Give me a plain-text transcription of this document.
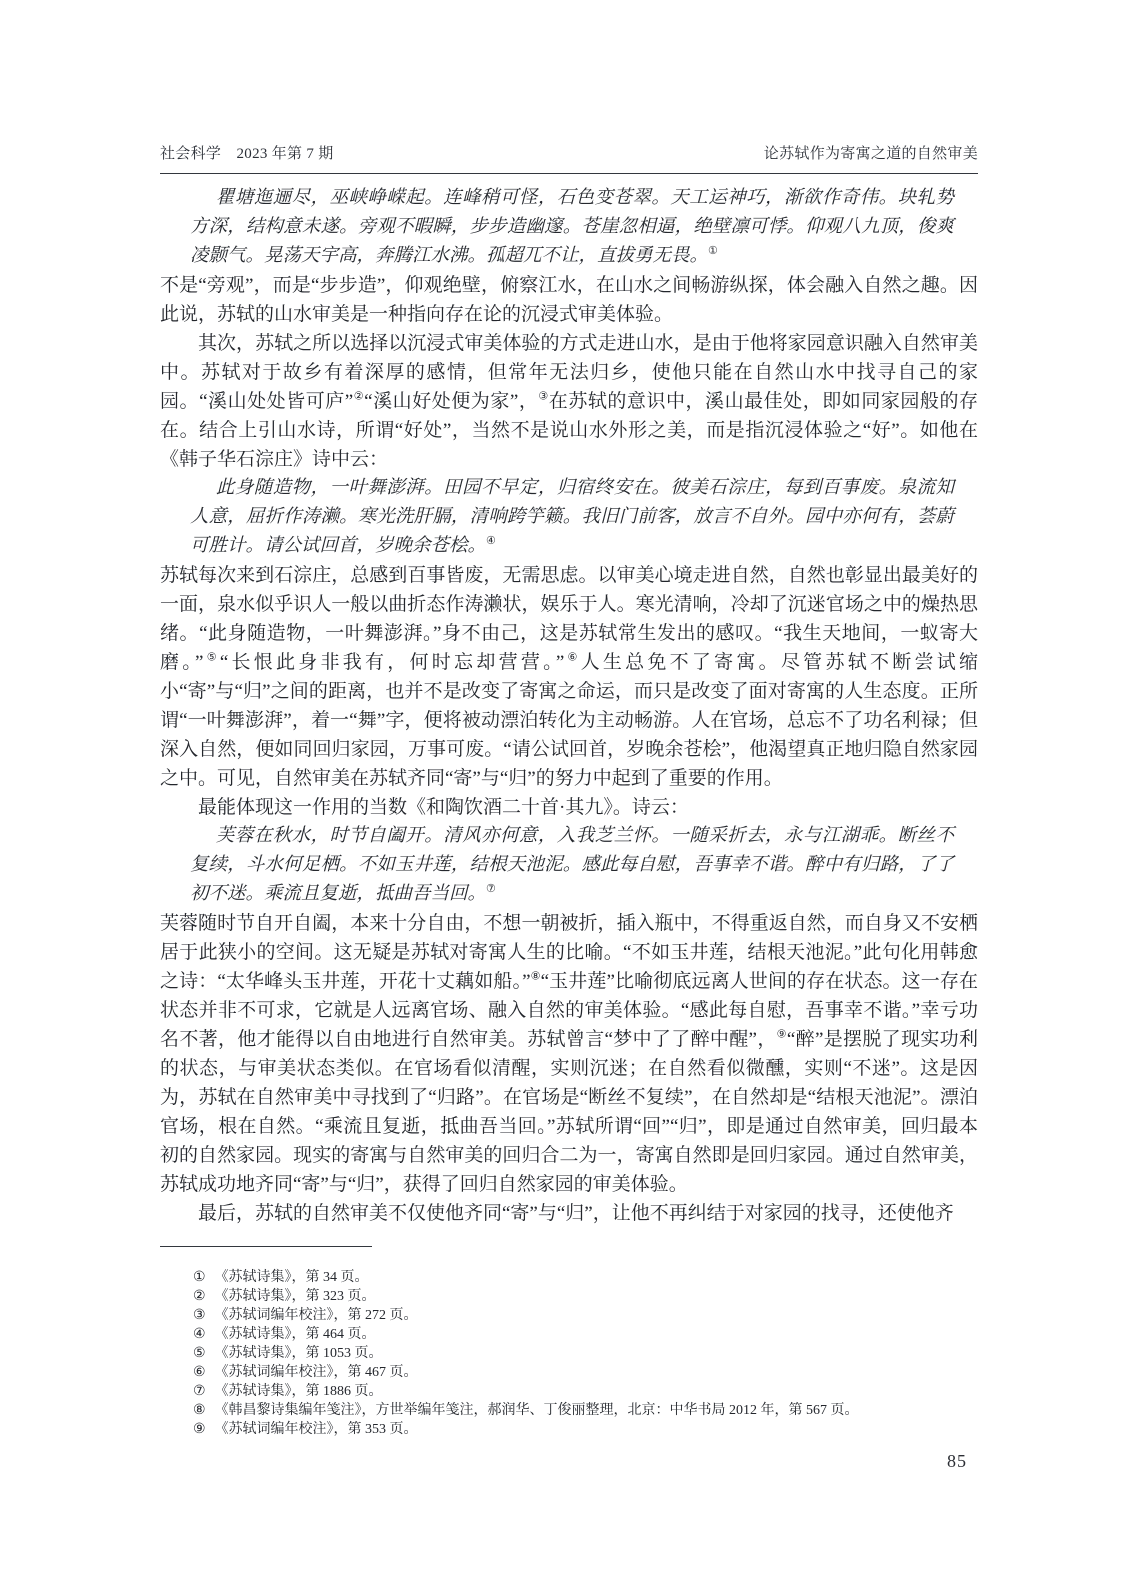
社会科学　2023 年第 7 期	论苏轼作为寄寓之道的自然审美

瞿塘迤逦尽，巫峡峥嵘起。连峰稍可怪，石色变苍翠。天工运神巧，渐欲作奇伟。块轧势方深，结构意未遂。旁观不暇瞬，步步造幽邃。苍崖忽相逼，绝壁凛可悸。仰观八九顶，俊爽凌颢气。晃荡天宇高，奔腾江水沸。孤超兀不让，直拔勇无畏。①

不是“旁观”，而是“步步造”，仰观绝壁，俯察江水，在山水之间畅游纵探，体会融入自然之趣。因此说，苏轼的山水审美是一种指向存在论的沉浸式审美体验。

其次，苏轼之所以选择以沉浸式审美体验的方式走进山水，是由于他将家园意识融入自然审美中。苏轼对于故乡有着深厚的感情，但常年无法归乡，使他只能在自然山水中找寻自己的家园。“溪山处处皆可庐”②“溪山好处便为家”，③在苏轼的意识中，溪山最佳处，即如同家园般的存在。结合上引山水诗，所谓“好处”，当然不是说山水外形之美，而是指沉浸体验之“好”。如他在《韩子华石淙庄》诗中云：

此身随造物，一叶舞澎湃。田园不早定，归宿终安在。彼美石淙庄，每到百事废。泉流知人意，屈折作涛濑。寒光洗肝膈，清响跨竽籁。我旧门前客，放言不自外。园中亦何有，荟蔚可胜计。请公试回首，岁晚余苍桧。④

苏轼每次来到石淙庄，总感到百事皆废，无需思虑。以审美心境走进自然，自然也彰显出最美好的一面，泉水似乎识人一般以曲折态作涛濑状，娱乐于人。寒光清响，冷却了沉迷官场之中的燥热思绪。“此身随造物，一叶舞澎湃。”身不由己，这是苏轼常生发出的感叹。“我生天地间，一蚁寄大磨。”⑤“长恨此身非我有，何时忘却营营。”⑥人生总免不了寄寓。尽管苏轼不断尝试缩小“寄”与“归”之间的距离，也并不是改变了寄寓之命运，而只是改变了面对寄寓的人生态度。正所谓“一叶舞澎湃”，着一“舞”字，便将被动漂泊转化为主动畅游。人在官场，总忘不了功名利禄；但深入自然，便如同回归家园，万事可废。“请公试回首，岁晚余苍桧”，他渴望真正地归隐自然家园之中。可见，自然审美在苏轼齐同“寄”与“归”的努力中起到了重要的作用。

最能体现这一作用的当数《和陶饮酒二十首·其九》。诗云：

芙蓉在秋水，时节自阖开。清风亦何意，入我芝兰怀。一随采折去，永与江湖乖。断丝不复续，斗水何足栖。不如玉井莲，结根天池泥。感此每自慰，吾事幸不谐。醉中有归路，了了初不迷。乘流且复逝，抵曲吾当回。⑦

芙蓉随时节自开自阖，本来十分自由，不想一朝被折，插入瓶中，不得重返自然，而自身又不安栖居于此狭小的空间。这无疑是苏轼对寄寓人生的比喻。“不如玉井莲，结根天池泥。”此句化用韩愈之诗：“太华峰头玉井莲，开花十丈藕如船。”⑧“玉井莲”比喻彻底远离人世间的存在状态。这一存在状态并非不可求，它就是人远离官场、融入自然的审美体验。“感此每自慰，吾事幸不谐。”幸亏功名不著，他才能得以自由地进行自然审美。苏轼曾言“梦中了了醉中醒”，⑨“醉”是摆脱了现实功利的状态，与审美状态类似。在官场看似清醒，实则沉迷；在自然看似微醺，实则“不迷”。这是因为，苏轼在自然审美中寻找到了“归路”。在官场是“断丝不复续”，在自然却是“结根天池泥”。漂泊官场，根在自然。“乘流且复逝，抵曲吾当回。”苏轼所谓“回”“归”，即是通过自然审美，回归最本初的自然家园。现实的寄寓与自然审美的回归合二为一，寄寓自然即是回归家园。通过自然审美，苏轼成功地齐同“寄”与“归”，获得了回归自然家园的审美体验。

最后，苏轼的自然审美不仅使他齐同“寄”与“归”，让他不再纠结于对家园的找寻，还使他齐

① 《苏轼诗集》，第 34 页。
② 《苏轼诗集》，第 323 页。
③ 《苏轼词编年校注》，第 272 页。
④ 《苏轼诗集》，第 464 页。
⑤ 《苏轼诗集》，第 1053 页。
⑥ 《苏轼词编年校注》，第 467 页。
⑦ 《苏轼诗集》，第 1886 页。
⑧ 《韩昌黎诗集编年笺注》，方世举编年笺注，郝润华、丁俊丽整理，北京：中华书局 2012 年，第 567 页。
⑨ 《苏轼词编年校注》，第 353 页。
85
